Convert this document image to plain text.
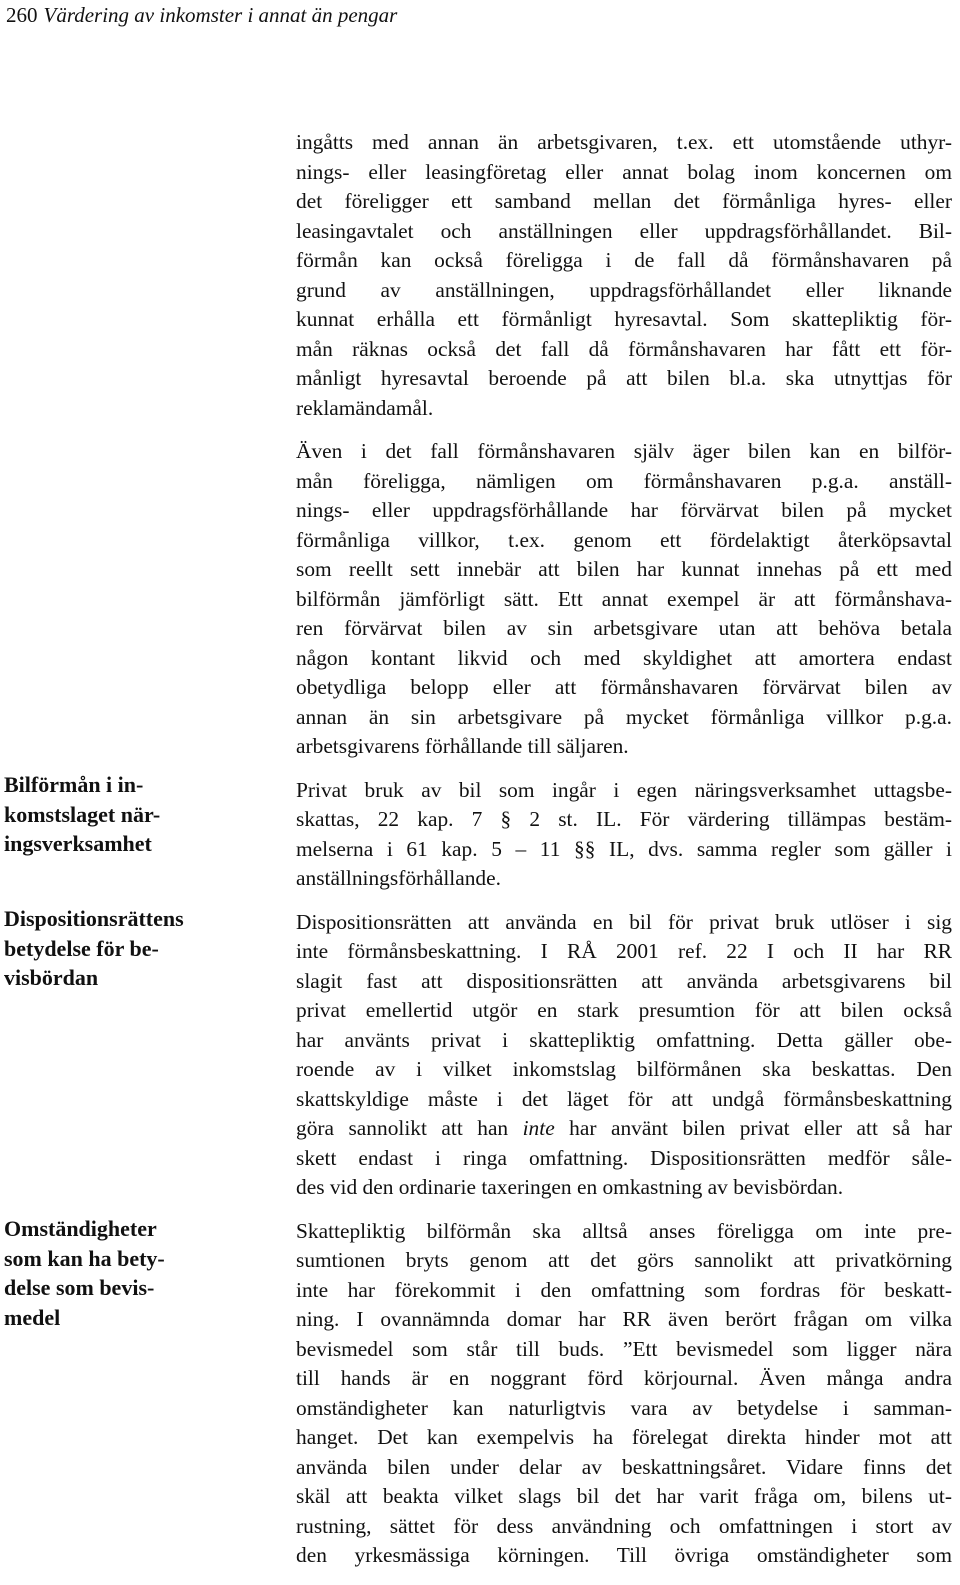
260 Värdering av inkomster i annat än pengar
Bilförmån i in-
komstslaget när-
ingsverksamhet
Dispositionsrättens
betydelse för be-
visbördan
Omständigheter
som kan ha bety-
delse som bevis-
medel

ingåtts med annan än arbetsgivaren, t.ex. ett utomstående uthyr-
nings- eller leasingföretag eller annat bolag inom koncernen om
det föreligger ett samband mellan det förmånliga hyres- eller
leasingavtalet och anställningen eller uppdragsförhållandet. Bil-
förmån kan också föreligga i de fall då förmånshavaren på
grund av anställningen, uppdragsförhållandet eller liknande
kunnat erhålla ett förmånligt hyresavtal. Som skattepliktig för-
mån räknas också det fall då förmånshavaren har fått ett för-
månligt hyresavtal beroende på att bilen bl.a. ska utnyttjas för
reklamändamål.

Även i det fall förmånshavaren själv äger bilen kan en bilför-
mån föreligga, nämligen om förmånshavaren p.g.a. anställ-
nings- eller uppdragsförhållande har förvärvat bilen på mycket
förmånliga villkor, t.ex. genom ett fördelaktigt återköpsavtal
som reellt sett innebär att bilen har kunnat innehas på ett med
bilförmån jämförligt sätt. Ett annat exempel är att förmånshava-
ren förvärvat bilen av sin arbetsgivare utan att behöva betala
någon kontant likvid och med skyldighet att amortera endast
obetydliga belopp eller att förmånshavaren förvärvat bilen av
annan än sin arbetsgivare på mycket förmånliga villkor p.g.a.
arbetsgivarens förhållande till säljaren.

Privat bruk av bil som ingår i egen näringsverksamhet uttagsbe-
skattas, 22 kap. 7 § 2 st. IL. För värdering tillämpas bestäm-
melserna i 61 kap. 5 – 11 §§ IL, dvs. samma regler som gäller i
anställningsförhållande.

Dispositionsrätten att använda en bil för privat bruk utlöser i sig
inte förmånsbeskattning. I RÅ 2001 ref. 22 I och II har RR
slagit fast att dispositionsrätten att använda arbetsgivarens bil
privat emellertid utgör en stark presumtion för att bilen också
har använts privat i skattepliktig omfattning. Detta gäller obe-
roende av i vilket inkomstslag bilförmånen ska beskattas. Den
skattskyldige måste i det läget för att undgå förmånsbeskattning
göra sannolikt att han inte har använt bilen privat eller att så har
skett endast i ringa omfattning. Dispositionsrätten medför såle-
des vid den ordinarie taxeringen en omkastning av bevisbördan.

Skattepliktig bilförmån ska alltså anses föreligga om inte pre-
sumtionen bryts genom att det görs sannolikt att privatkörning
inte har förekommit i den omfattning som fordras för beskatt-
ning. I ovannämnda domar har RR även berört frågan om vilka
bevismedel som står till buds. ”Ett bevismedel som ligger nära
till hands är en noggrant förd körjournal. Även många andra
omständigheter kan naturligtvis vara av betydelse i samman-
hanget. Det kan exempelvis ha förelegat direkta hinder mot att
använda bilen under delar av beskattningsåret. Vidare finns det
skäl att beakta vilket slags bil det har varit fråga om, bilens ut-
rustning, sättet för dess användning och omfattningen i stort av
den yrkesmässiga körningen. Till övriga omständigheter som
